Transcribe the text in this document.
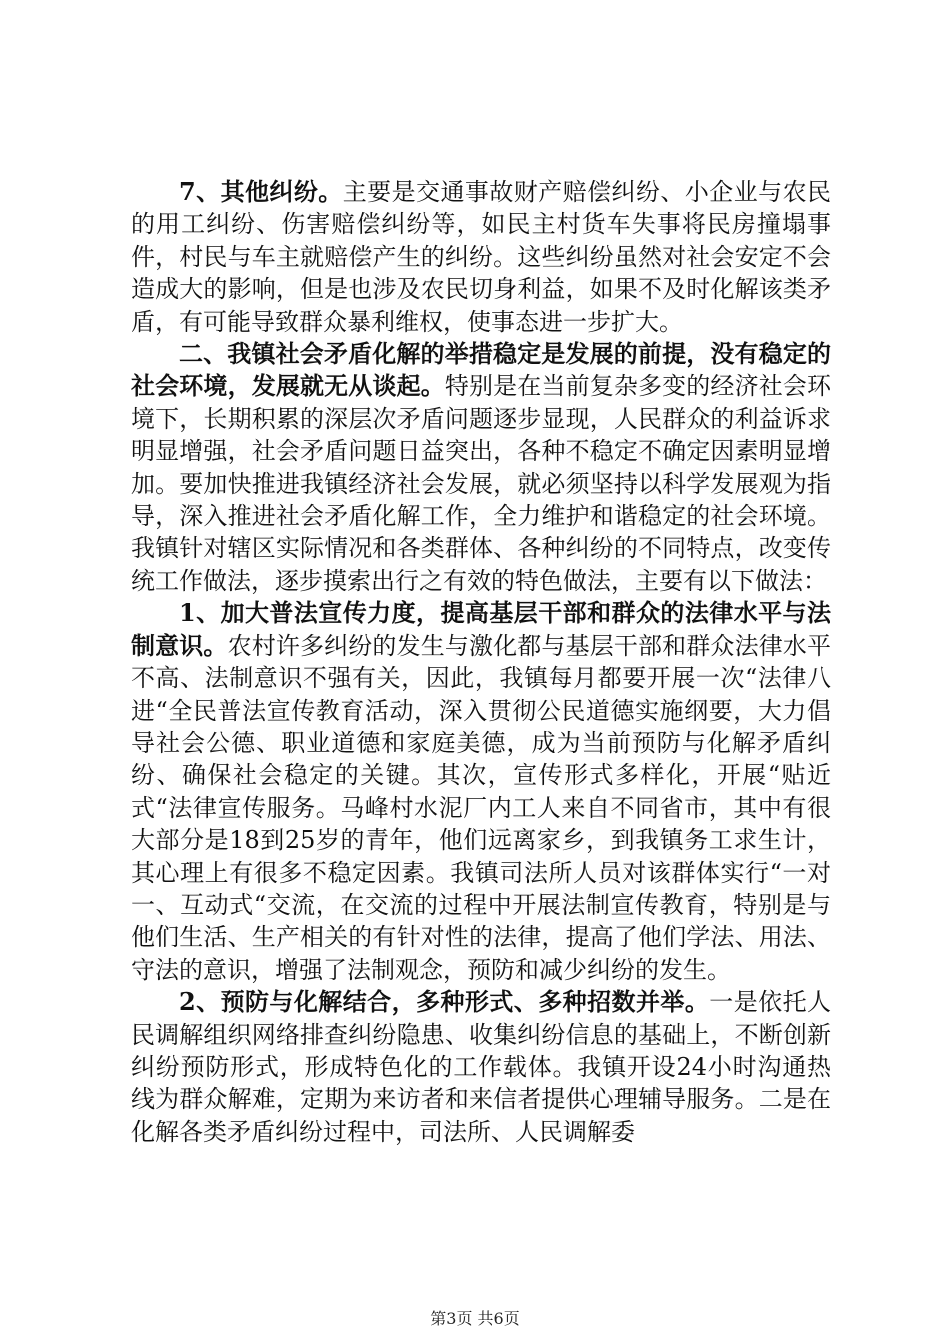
7、其他纠纷。主要是交通事故财产赔偿纠纷、小企业与农民的用工纠纷、伤害赔偿纠纷等，如民主村货车失事将民房撞塌事件，村民与车主就赔偿产生的纠纷。这些纠纷虽然对社会安定不会造成大的影响，但是也涉及农民切身利益，如果不及时化解该类矛盾，有可能导致群众暴利维权，使事态进一步扩大。

二、我镇社会矛盾化解的举措稳定是发展的前提，没有稳定的社会环境，发展就无从谈起。特别是在当前复杂多变的经济社会环境下，长期积累的深层次矛盾问题逐步显现，人民群众的利益诉求明显增强，社会矛盾问题日益突出，各种不稳定不确定因素明显增加。要加快推进我镇经济社会发展，就必须坚持以科学发展观为指导，深入推进社会矛盾化解工作，全力维护和谐稳定的社会环境。我镇针对辖区实际情况和各类群体、各种纠纷的不同特点，改变传统工作做法，逐步摸索出行之有效的特色做法，主要有以下做法：

1、加大普法宣传力度，提高基层干部和群众的法律水平与法制意识。农村许多纠纷的发生与激化都与基层干部和群众法律水平不高、法制意识不强有关，因此，我镇每月都要开展一次“法律八进“全民普法宣传教育活动，深入贯彻公民道德实施纲要，大力倡导社会公德、职业道德和家庭美德，成为当前预防与化解矛盾纠纷、确保社会稳定的关键。其次，宣传形式多样化，开展“贴近式“法律宣传服务。马峰村水泥厂内工人来自不同省市，其中有很大部分是18到25岁的青年，他们远离家乡，到我镇务工求生计，其心理上有很多不稳定因素。我镇司法所人员对该群体实行“一对一、互动式“交流，在交流的过程中开展法制宣传教育，特别是与他们生活、生产相关的有针对性的法律，提高了他们学法、用法、守法的意识，增强了法制观念，预防和减少纠纷的发生。

2、预防与化解结合，多种形式、多种招数并举。一是依托人民调解组织网络排查纠纷隐患、收集纠纷信息的基础上，不断创新纠纷预防形式，形成特色化的工作载体。我镇开设24小时沟通热线为群众解难，定期为来访者和来信者提供心理辅导服务。二是在化解各类矛盾纠纷过程中，司法所、人民调解委

第3页 共6页
